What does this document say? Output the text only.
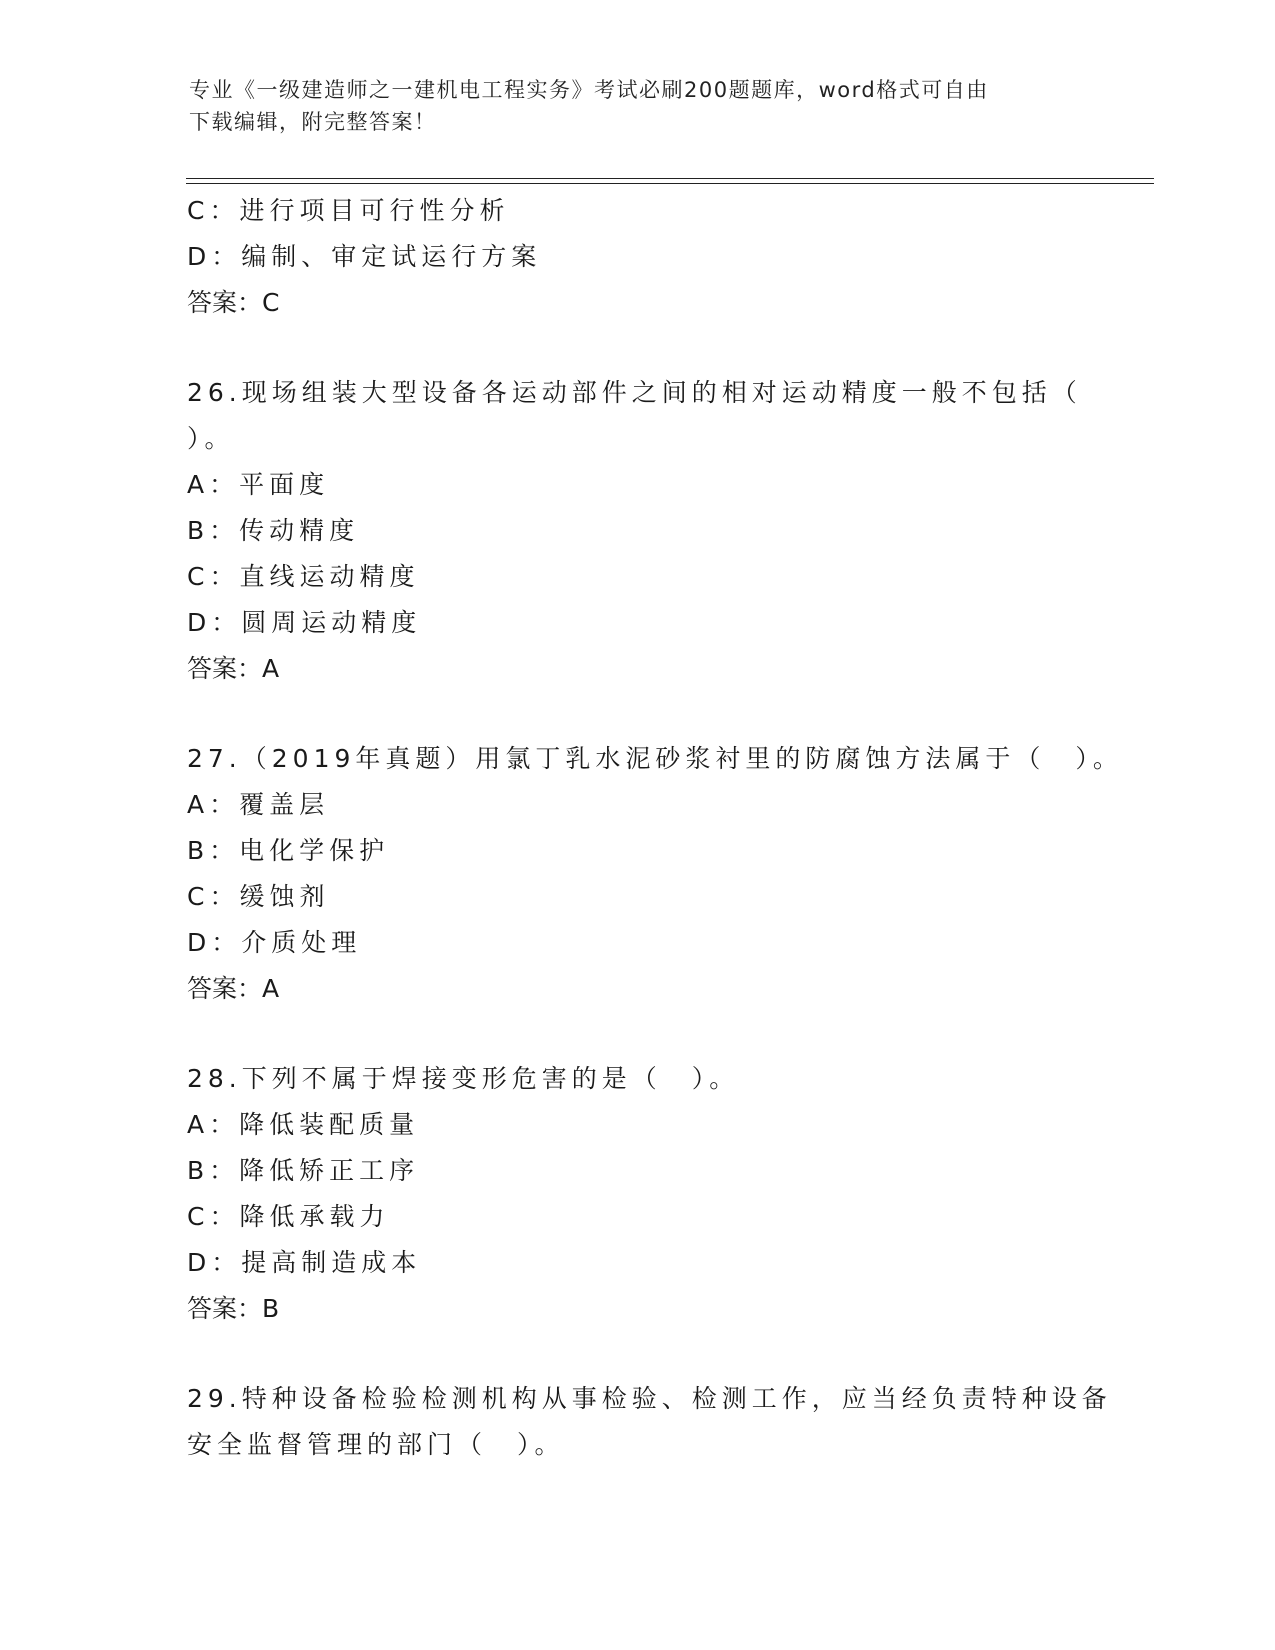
专业《一级建造师之一建机电工程实务》考试必刷200题题库，word格式可自由
下载编辑，附完整答案！
C：进行项目可行性分析
D：编制、审定试运行方案
答案：C
26.现场组装大型设备各运动部件之间的相对运动精度一般不包括（
）。
A：平面度
B：传动精度
C：直线运动精度
D：圆周运动精度
答案：A
27.（2019年真题）用氯丁乳水泥砂浆衬里的防腐蚀方法属于（　）。
A：覆盖层
B：电化学保护
C：缓蚀剂
D：介质处理
答案：A
28.下列不属于焊接变形危害的是（　）。
A：降低装配质量
B：降低矫正工序
C：降低承载力
D：提高制造成本
答案：B
29.特种设备检验检测机构从事检验、检测工作，应当经负责特种设备
安全监督管理的部门（　）。
